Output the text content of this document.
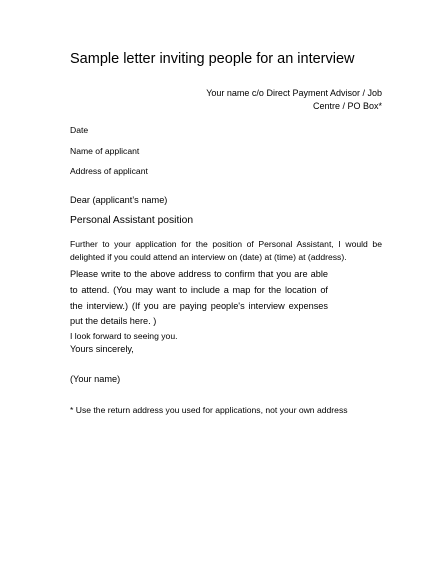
Sample letter inviting people for an interview
Your name c/o Direct Payment Advisor / Job
Centre / PO Box*
Date
Name of applicant
Address of applicant
Dear (applicant’s name)
Personal Assistant position
Further to your application for the position of Personal Assistant, I would be delighted if you could attend an interview on (date) at (time) at (address).
Please write to the above address to confirm that you are able to attend. (You may want to include a map for the location of the interview.) (If you are paying people's interview expenses put the details here. )
I look forward to seeing you.
Yours sincerely,
(Your name)
* Use the return address you used for applications, not your own address
